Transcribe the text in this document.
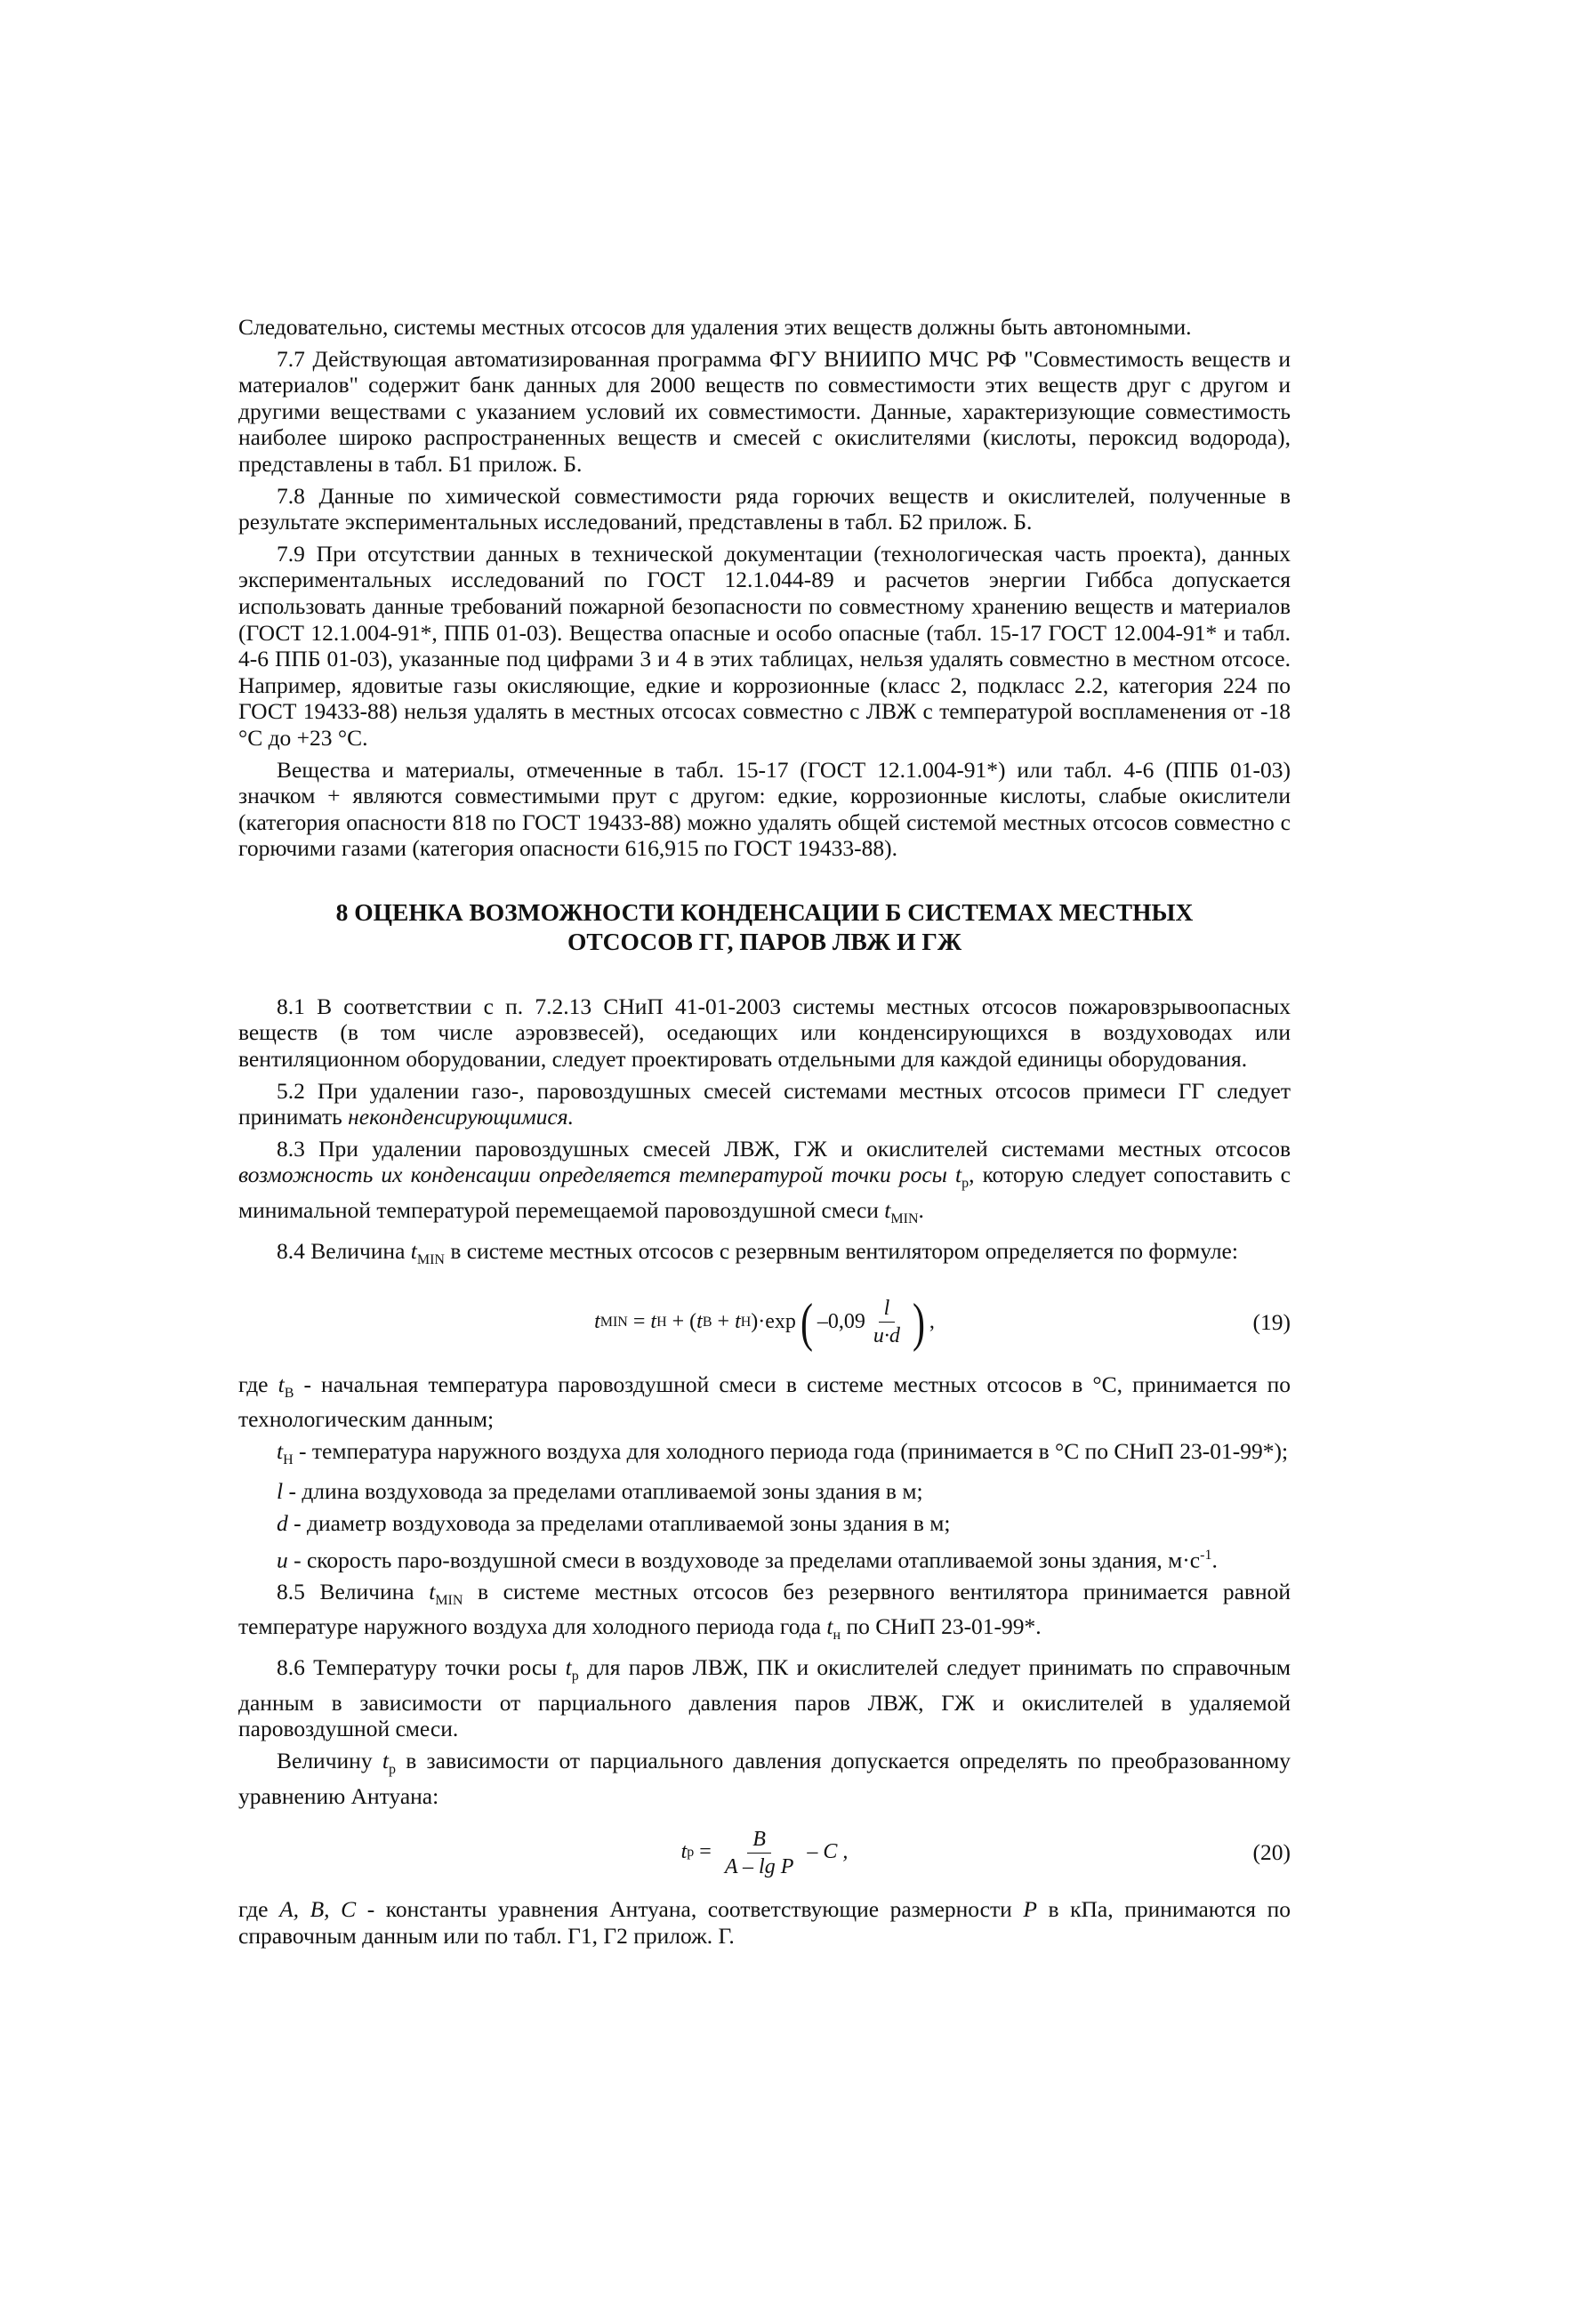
Следовательно, системы местных отсосов для удаления этих веществ должны быть автономными.

7.7 Действующая автоматизированная программа ФГУ ВНИИПО МЧС РФ "Совместимость веществ и материалов" содержит банк данных для 2000 веществ по совместимости этих веществ друг с другом и другими веществами с указанием условий их совместимости. Данные, характеризующие совместимость наиболее широко распространенных веществ и смесей с окислителями (кислоты, пероксид водорода), представлены в табл. Б1 прилож. Б.

7.8 Данные по химической совместимости ряда горючих веществ и окислителей, полученные в результате экспериментальных исследований, представлены в табл. Б2 прилож. Б.

7.9 При отсутствии данных в технической документации (технологическая часть проекта), данных экспериментальных исследований по ГОСТ 12.1.044-89 и расчетов энергии Гиббса допускается использовать данные требований пожарной безопасности по совместному хранению веществ и материалов (ГОСТ 12.1.004-91*, ППБ 01-03). Вещества опасные и особо опасные (табл. 15-17 ГОСТ 12.004-91* и табл. 4-6 ППБ 01-03), указанные под цифрами 3 и 4 в этих таблицах, нельзя удалять совместно в местном отсосе. Например, ядовитые газы окисляющие, едкие и коррозионные (класс 2, подкласс 2.2, категория 224 по ГОСТ 19433-88) нельзя удалять в местных отсосах совместно с ЛВЖ с температурой воспламенения от -18 °С до +23 °С.

Вещества и материалы, отмеченные в табл. 15-17 (ГОСТ 12.1.004-91*) или табл. 4-6 (ППБ 01-03) значком + являются совместимыми прут с другом: едкие, коррозионные кислоты, слабые окислители (категория опасности 818 по ГОСТ 19433-88) можно удалять общей системой местных отсосов совместно с горючими газами (категория опасности 616,915 по ГОСТ 19433-88).

8 ОЦЕНКА ВОЗМОЖНОСТИ КОНДЕНСАЦИИ Б СИСТЕМАХ МЕСТНЫХ
ОТСОСОВ ГГ, ПАРОВ ЛВЖ И ГЖ

8.1 В соответствии с п. 7.2.13 СНиП 41-01-2003 системы местных отсосов пожаровзрывоопасных веществ (в том числе аэровзвесей), оседающих или конденсирующихся в воздуховодах или вентиляционном оборудовании, следует проектировать отдельными для каждой единицы оборудования.

5.2 При удалении газо-, паровоздушных смесей системами местных отсосов примеси ГГ следует принимать неконденсирующимися.

8.3 При удалении паровоздушных смесей ЛВЖ, ГЖ и окислителей системами местных отсосов возможность их конденсации определяется температурой точки росы $t_р$, которую следует сопоставить с минимальной температурой перемещаемой паровоздушной смеси $t_{MIN}$.

8.4 Величина $t_{MIN}$ в системе местных отсосов с резервным вентилятором определяется по формуле:

t MIN = t Н + ( t В + t Н )·exp ( $-0,09 \frac{l}{u\cdot d}$ ) ,	(19)

где $t_В$ - начальная температура паровоздушной смеси в системе местных отсосов в °С, принимается по технологическим данным;

$t_Н$ - температура наружного воздуха для холодного периода года (принимается в °С по СНиП 23-01-99*);

l - длина воздуховода за пределами отапливаемой зоны здания в м;

d - диаметр воздуховода за пределами отапливаемой зоны здания в м;

u - скорость паро-воздушной смеси в воздуховоде за пределами отапливаемой зоны здания, $м\cdot с^{-1}$.

8.5 Величина $t_{MIN}$ в системе местных отсосов без резервного вентилятора принимается равной температуре наружного воздуха для холодного периода года $t_н$ по СНиП 23-01-99*.

8.6 Температуру точки росы $t_р$ для паров ЛВЖ, ПК и окислителей следует принимать по справочным данным в зависимости от парциального давления паров ЛВЖ, ГЖ и окислителей в удаляемой паровоздушной смеси.

Величину $t_р$ в зависимости от парциального давления допускается определять по преобразованному уравнению Антуана:

t $р = \frac{B}{\text{A – lg P}} - C$ ,	(20)

где А, В, С - константы уравнения Антуана, соответствующие размерности P в кПа, принимаются по справочным данным или по табл. Г1, Г2 прилож. Г.
